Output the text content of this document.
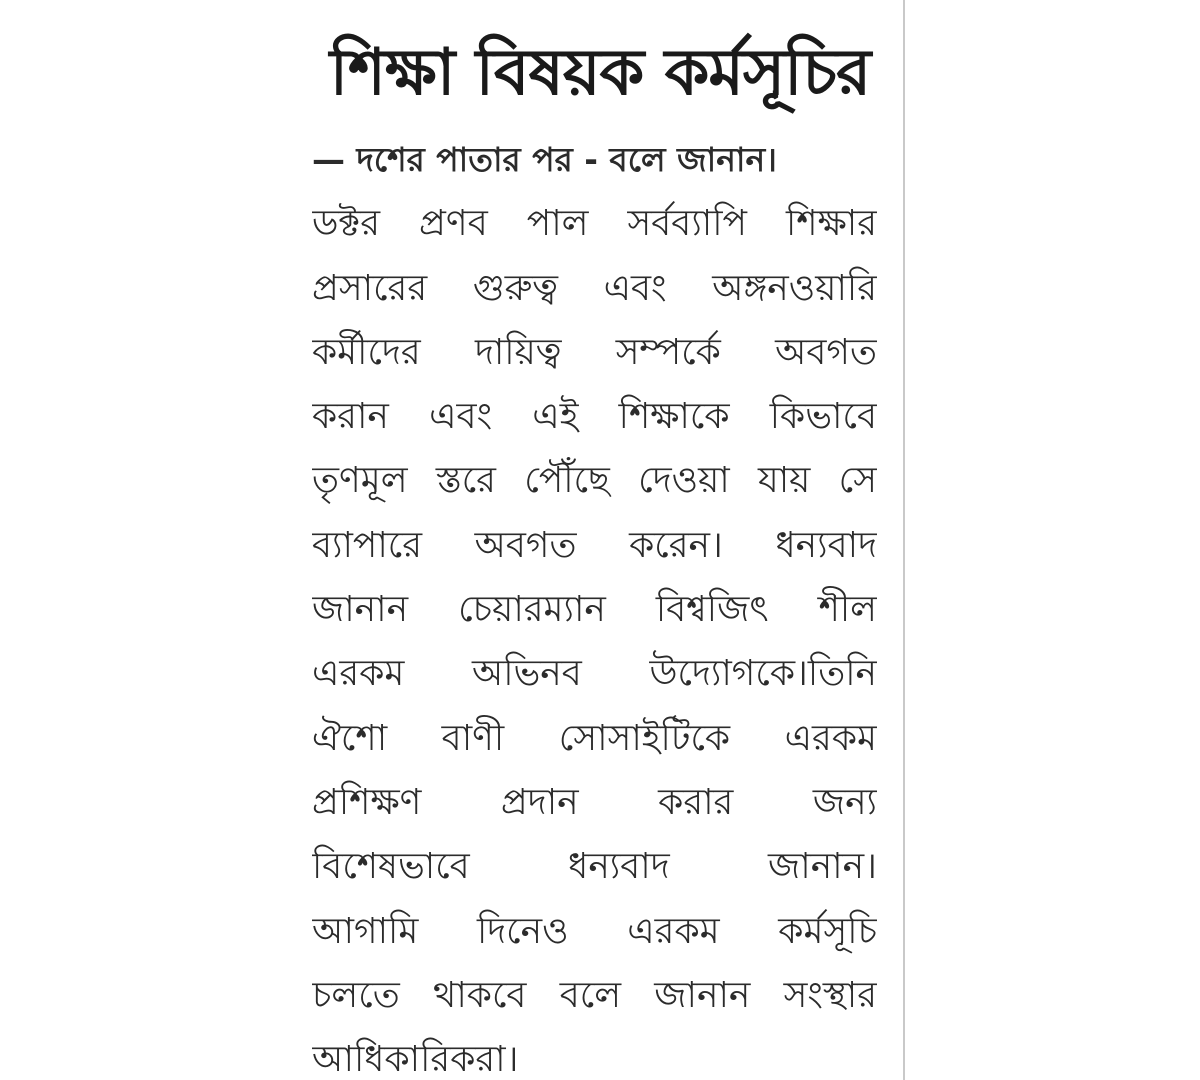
শিক্ষা বিষয়ক কর্মসূচির
— দশের পাতার পর - বলে জানান।
ডক্টর প্রণব পাল সর্বব্যাপি শিক্ষার
প্রসারের গুরুত্ব এবং অঙ্গনওয়ারি
কর্মীদের দায়িত্ব সম্পর্কে অবগত
করান এবং এই শিক্ষাকে কিভাবে
তৃণমূল স্তরে পৌঁছে দেওয়া যায় সে
ব্যাপারে অবগত করেন। ধন্যবাদ
জানান চেয়ারম্যান বিশ্বজিৎ শীল
এরকম অভিনব উদ্যোগকে।তিনি
ঐশো বাণী সোসাইটিকে এরকম
প্রশিক্ষণ প্রদান করার জন্য
বিশেষভাবে ধন্যবাদ জানান।
আগামি দিনেও এরকম কর্মসূচি
চলতে থাকবে বলে জানান সংস্থার
আধিকারিকরা।
